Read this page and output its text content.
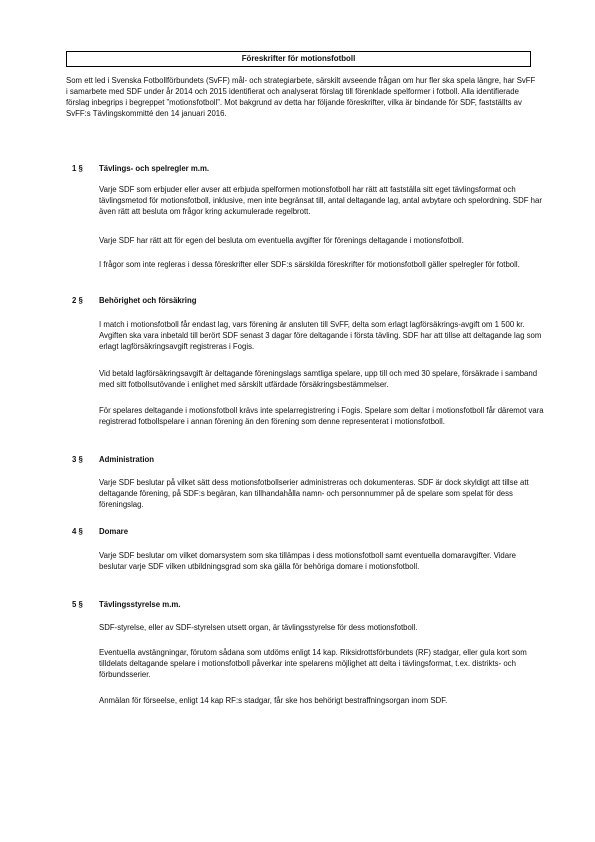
Föreskrifter för motionsfotboll

Som ett led i Svenska Fotbollförbundets (SvFF) mål- och strategiarbete, särskilt avseende frågan om hur fler ska spela längre, har SvFF i samarbete med SDF under år 2014 och 2015 identifierat och analyserat förslag till förenklade spelformer i fotboll. Alla identifierade förslag inbegrips i begreppet ”motionsfotboll”. Mot bakgrund av detta har följande föreskrifter, vilka är bindande för SDF, fastställts av SvFF:s Tävlingskommitté den 14 januari 2016.

1 § Tävlings- och spelregler m.m.

Varje SDF som erbjuder eller avser att erbjuda spelformen motionsfotboll har rätt att fastställa sitt eget tävlingsformat och tävlingsmetod för motionsfotboll, inklusive, men inte begränsat till, antal deltagande lag, antal avbytare och spelordning. SDF har även rätt att besluta om frågor kring ackumulerade regelbrott.

Varje SDF har rätt att för egen del besluta om eventuella avgifter för förenings deltagande i motionsfotboll.

I frågor som inte regleras i dessa föreskrifter eller SDF:s särskilda föreskrifter för motionsfotboll gäller spelregler för fotboll.

2 § Behörighet och försäkring

I match i motionsfotboll får endast lag, vars förening är ansluten till SvFF, delta som erlagt lagförsäkrings-avgift om 1 500 kr. Avgiften ska vara inbetald till berört SDF senast 3 dagar före deltagande i första tävling. SDF har att tillse att deltagande lag som erlagt lagförsäkringsavgift registreras i Fogis.

Vid betald lagförsäkringsavgift är deltagande föreningslags samtliga spelare, upp till och med 30 spelare, försäkrade i samband med sitt fotbollsutövande i enlighet med särskilt utfärdade försäkringsbestämmelser.

För spelares deltagande i motionsfotboll krävs inte spelarregistrering i Fogis. Spelare som deltar i motionsfotboll får däremot vara registrerad fotbollspelare i annan förening än den förening som denne representerat i motionsfotboll.

3 § Administration

Varje SDF beslutar på vilket sätt dess motionsfotbollserier administreras och dokumenteras. SDF är dock skyldigt att tillse att deltagande förening, på SDF:s begäran, kan tillhandahålla namn- och personnummer på de spelare som spelat för dess föreningslag.

4 § Domare

Varje SDF beslutar om vilket domarsystem som ska tillämpas i dess motionsfotboll samt eventuella domaravgifter. Vidare beslutar varje SDF vilken utbildningsgrad som ska gälla för behöriga domare i motionsfotboll.

5 § Tävlingsstyrelse m.m.

SDF-styrelse, eller av SDF-styrelsen utsett organ, är tävlingsstyrelse för dess motionsfotboll.

Eventuella avstängningar, förutom sådana som utdöms enligt 14 kap. Riksidrottsförbundets (RF) stadgar, eller gula kort som tilldelats deltagande spelare i motionsfotboll påverkar inte spelarens möjlighet att delta i tävlingsformat, t.ex. distrikts- och förbundsserier.

Anmälan för förseelse, enligt 14 kap RF:s stadgar, får ske hos behörigt bestraffningsorgan inom SDF.
